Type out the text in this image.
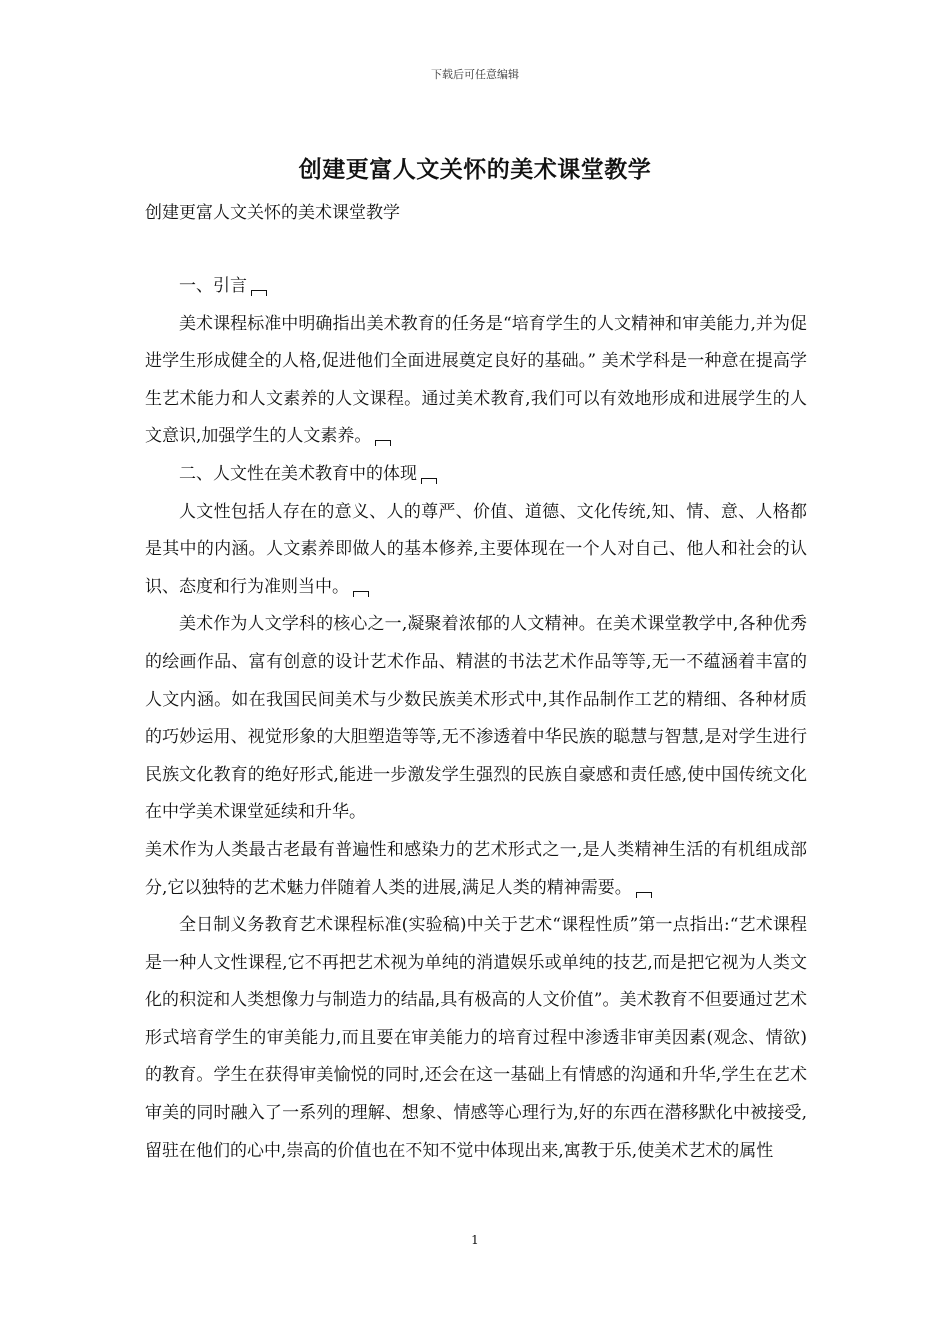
下载后可任意编辑
创建更富人文关怀的美术课堂教学
创建更富人文关怀的美术课堂教学

一、引言

美术课程标准中明确指出美术教育的任务是“培育学生的人文精神和审美能力,并为促进学生形成健全的人格,促进他们全面进展奠定良好的基础。” 美术学科是一种意在提高学生艺术能力和人文素养的人文课程。通过美术教育,我们可以有效地形成和进展学生的人文意识,加强学生的人文素养。

二、人文性在美术教育中的体现

人文性包括人存在的意义、人的尊严、价值、道德、文化传统,知、情、意、人格都是其中的内涵。人文素养即做人的基本修养,主要体现在一个人对自己、他人和社会的认识、态度和行为准则当中。

美术作为人文学科的核心之一,凝聚着浓郁的人文精神。在美术课堂教学中,各种优秀的绘画作品、富有创意的设计艺术作品、精湛的书法艺术作品等等,无一不蕴涵着丰富的人文内涵。如在我国民间美术与少数民族美术形式中,其作品制作工艺的精细、各种材质的巧妙运用、视觉形象的大胆塑造等等,无不渗透着中华民族的聪慧与智慧,是对学生进行民族文化教育的绝好形式,能进一步激发学生强烈的民族自豪感和责任感,使中国传统文化在中学美术课堂延续和升华。

美术作为人类最古老最有普遍性和感染力的艺术形式之一,是人类精神生活的有机组成部分,它以独特的艺术魅力伴随着人类的进展,满足人类的精神需要。

全日制义务教育艺术课程标准(实验稿)中关于艺术“课程性质”第一点指出:“艺术课程是一种人文性课程,它不再把艺术视为单纯的消遣娱乐或单纯的技艺,而是把它视为人类文化的积淀和人类想像力与制造力的结晶,具有极高的人文价值”。美术教育不但要通过艺术形式培育学生的审美能力,而且要在审美能力的培育过程中渗透非审美因素(观念、情欲)的教育。学生在获得审美愉悦的同时,还会在这一基础上有情感的沟通和升华,学生在艺术审美的同时融入了一系列的理解、想象、情感等心理行为,好的东西在潜移默化中被接受,留驻在他们的心中,崇高的价值也在不知不觉中体现出来,寓教于乐,使美术艺术的属性

1
